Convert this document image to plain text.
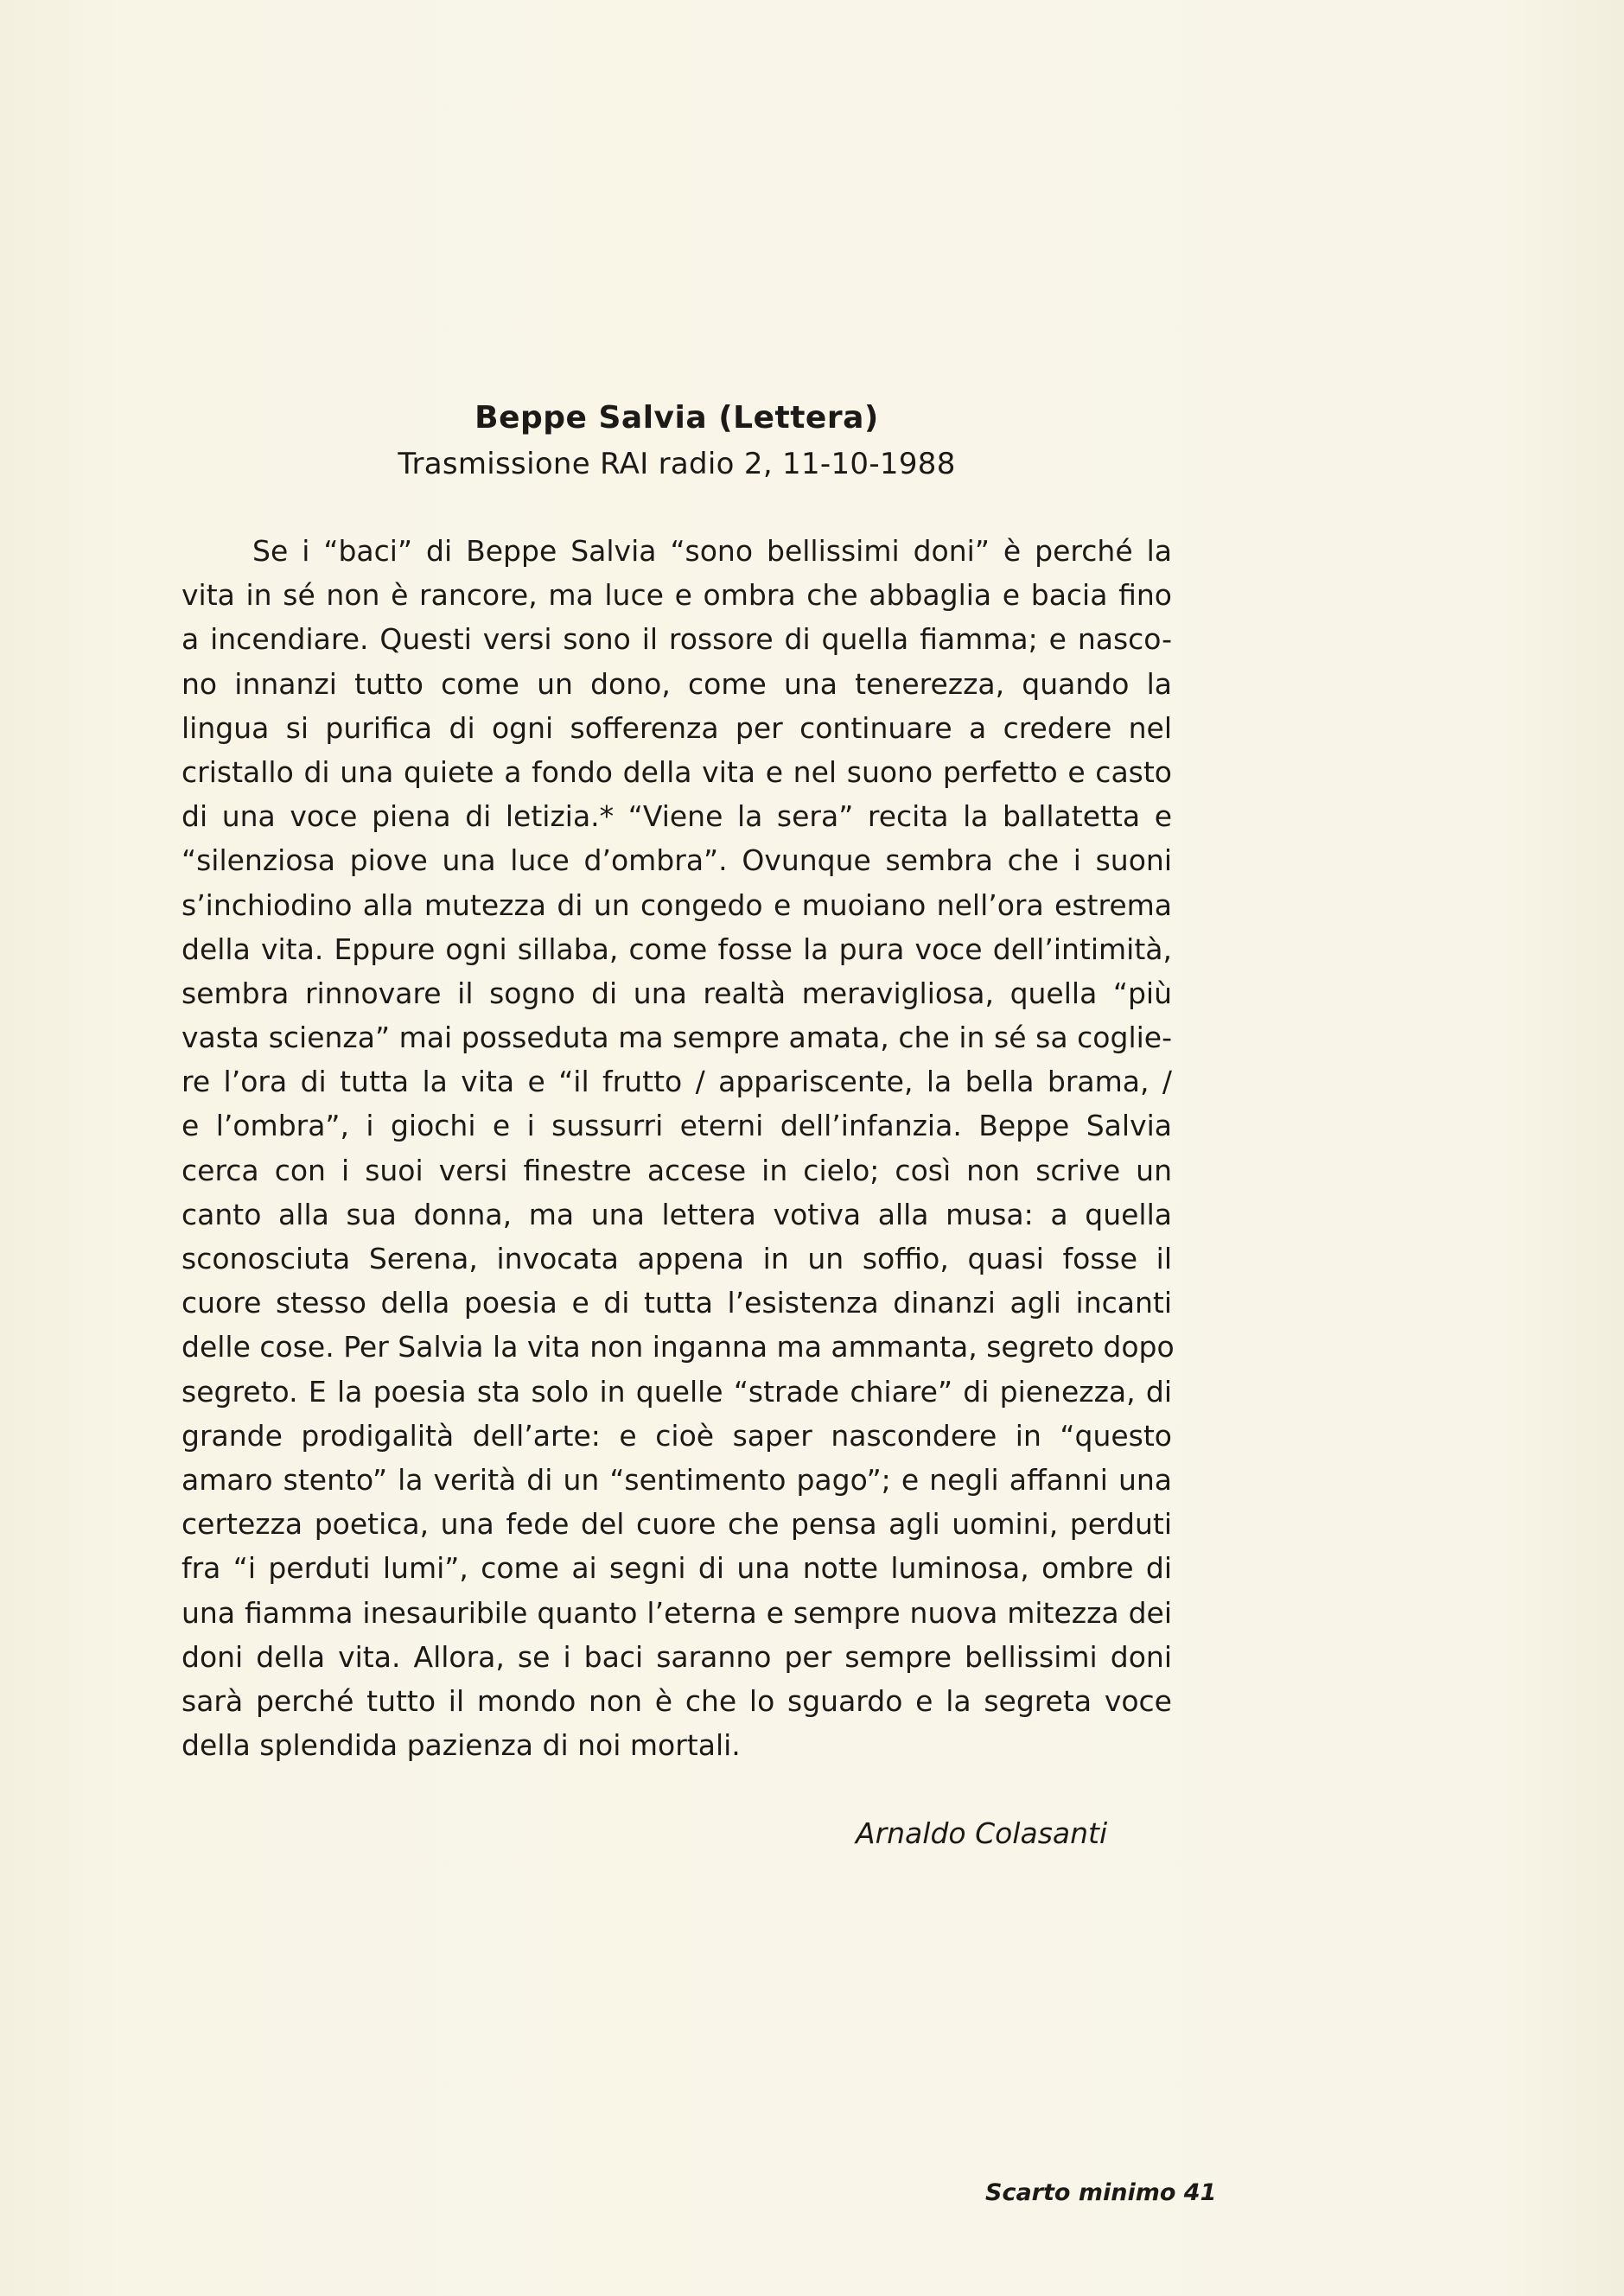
Beppe Salvia (Lettera)
Trasmissione RAI radio 2, 11-10-1988
Se i “baci” di Beppe Salvia “sono bellissimi doni” è perché la
vita in sé non è rancore, ma luce e ombra che abbaglia e bacia fino
a incendiare. Questi versi sono il rossore di quella fiamma; e nasco-
no innanzi tutto come un dono, come una tenerezza, quando la
lingua si purifica di ogni sofferenza per continuare a credere nel
cristallo di una quiete a fondo della vita e nel suono perfetto e casto
di una voce piena di letizia.* “Viene la sera” recita la ballatetta e
“silenziosa piove una luce d’ombra”. Ovunque sembra che i suoni
s’inchiodino alla mutezza di un congedo e muoiano nell’ora estrema
della vita. Eppure ogni sillaba, come fosse la pura voce dell’intimità,
sembra rinnovare il sogno di una realtà meravigliosa, quella “più
vasta scienza” mai posseduta ma sempre amata, che in sé sa coglie-
re l’ora di tutta la vita e “il frutto / appariscente, la bella brama, /
e l’ombra”, i giochi e i sussurri eterni dell’infanzia. Beppe Salvia
cerca con i suoi versi finestre accese in cielo; così non scrive un
canto alla sua donna, ma una lettera votiva alla musa: a quella
sconosciuta Serena, invocata appena in un soffio, quasi fosse il
cuore stesso della poesia e di tutta l’esistenza dinanzi agli incanti
delle cose. Per Salvia la vita non inganna ma ammanta, segreto dopo
segreto. E la poesia sta solo in quelle “strade chiare” di pienezza, di
grande prodigalità dell’arte: e cioè saper nascondere in “questo
amaro stento” la verità di un “sentimento pago”; e negli affanni una
certezza poetica, una fede del cuore che pensa agli uomini, perduti
fra “i perduti lumi”, come ai segni di una notte luminosa, ombre di
una fiamma inesauribile quanto l’eterna e sempre nuova mitezza dei
doni della vita. Allora, se i baci saranno per sempre bellissimi doni
sarà perché tutto il mondo non è che lo sguardo e la segreta voce
della splendida pazienza di noi mortali.
Arnaldo Colasanti
Scarto minimo 41
